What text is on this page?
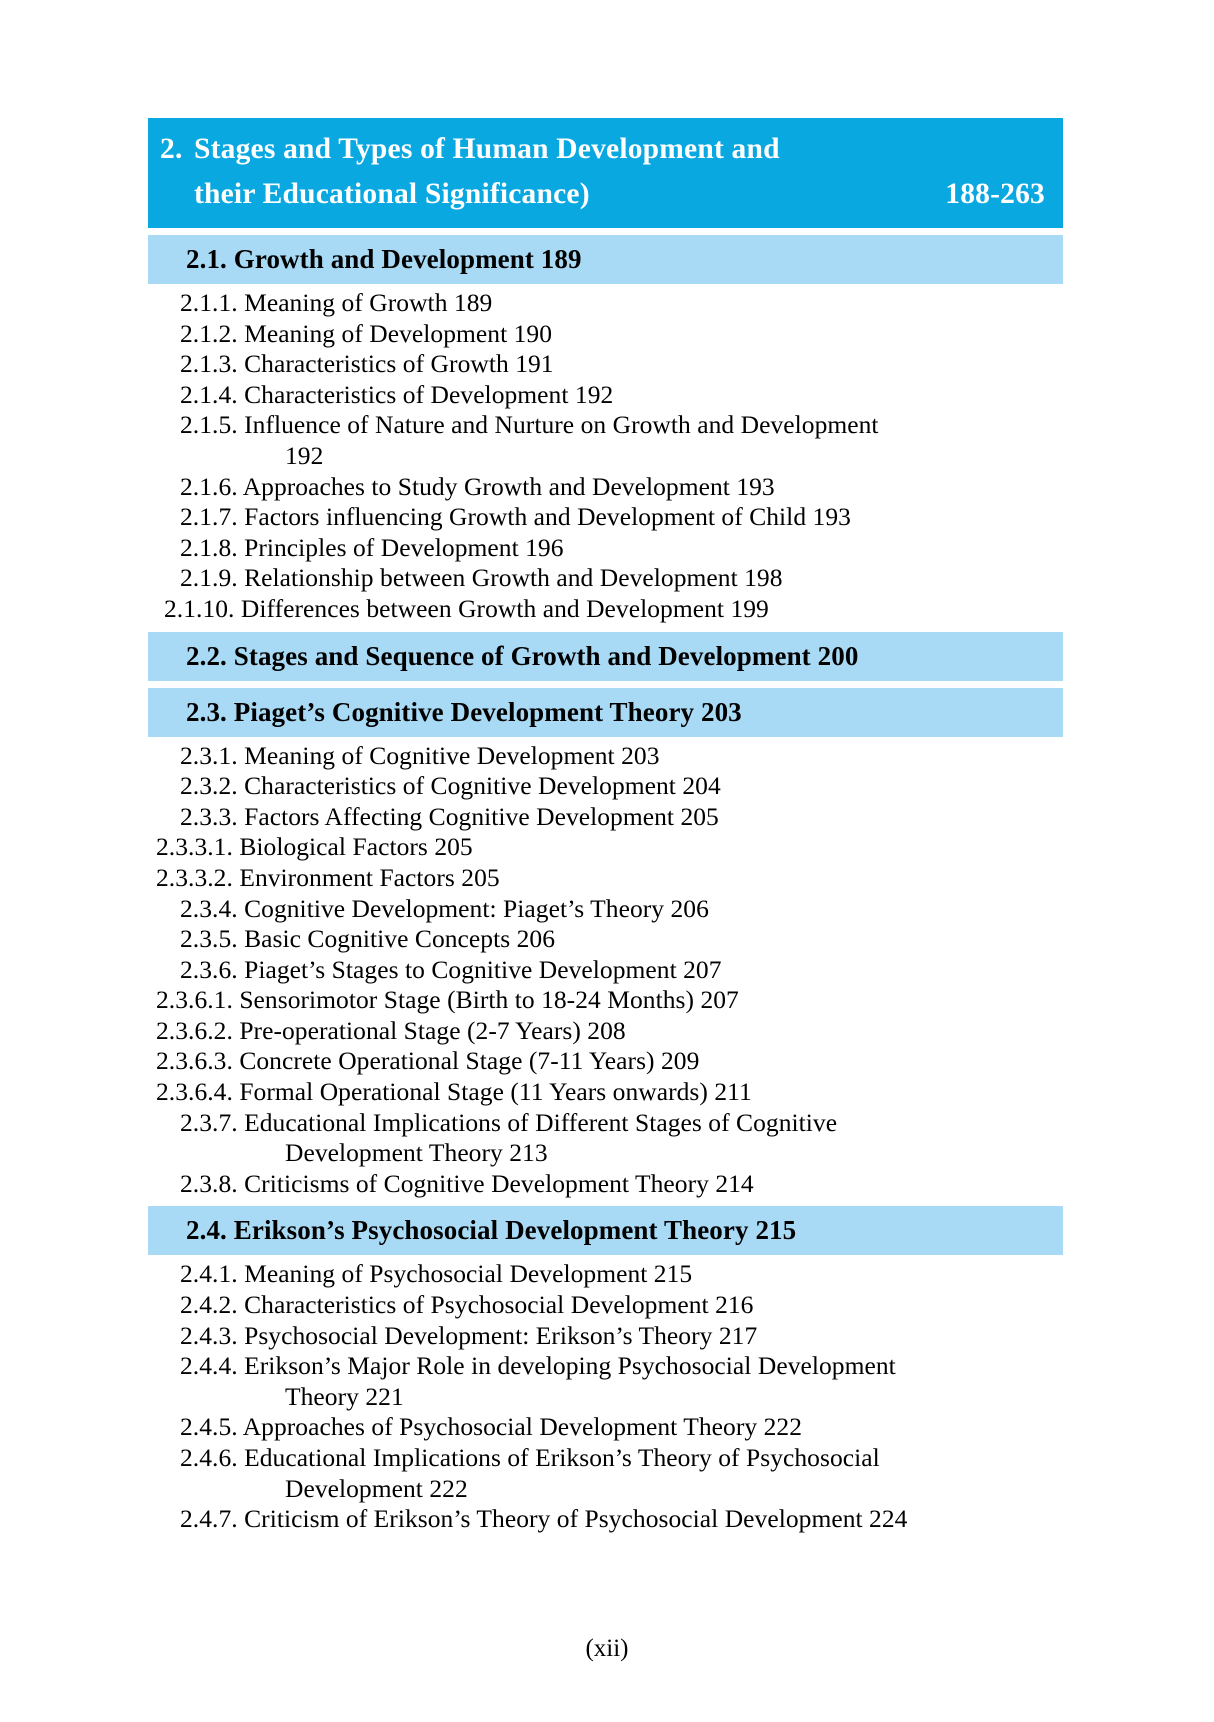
2. Stages and Types of Human Development and
their Educational Significance)	188-263
2.1. Growth and Development 189
2.1.1. Meaning of Growth 189
2.1.2. Meaning of Development 190
2.1.3. Characteristics of Growth 191
2.1.4. Characteristics of Development 192
2.1.5. Influence of Nature and Nurture on Growth and Development
192
2.1.6. Approaches to Study Growth and Development 193
2.1.7. Factors influencing Growth and Development of Child 193
2.1.8. Principles of Development 196
2.1.9. Relationship between Growth and Development 198
2.1.10. Differences between Growth and Development 199
2.2. Stages and Sequence of Growth and Development 200
2.3. Piaget’s Cognitive Development Theory 203
2.3.1. Meaning of Cognitive Development 203
2.3.2. Characteristics of Cognitive Development 204
2.3.3. Factors Affecting Cognitive Development 205
2.3.3.1. Biological Factors 205
2.3.3.2. Environment Factors 205
2.3.4. Cognitive Development: Piaget’s Theory 206
2.3.5. Basic Cognitive Concepts 206
2.3.6. Piaget’s Stages to Cognitive Development 207
2.3.6.1. Sensorimotor Stage (Birth to 18-24 Months) 207
2.3.6.2. Pre-operational Stage (2-7 Years) 208
2.3.6.3. Concrete Operational Stage (7-11 Years) 209
2.3.6.4. Formal Operational Stage (11 Years onwards) 211
2.3.7. Educational Implications of Different Stages of Cognitive
Development Theory 213
2.3.8. Criticisms of Cognitive Development Theory 214
2.4. Erikson’s Psychosocial Development Theory 215
2.4.1. Meaning of Psychosocial Development 215
2.4.2. Characteristics of Psychosocial Development 216
2.4.3. Psychosocial Development: Erikson’s Theory 217
2.4.4. Erikson’s Major Role in developing Psychosocial Development
Theory 221
2.4.5. Approaches of Psychosocial Development Theory 222
2.4.6. Educational Implications of Erikson’s Theory of Psychosocial
Development 222
2.4.7. Criticism of Erikson’s Theory of Psychosocial Development 224
(xii)
